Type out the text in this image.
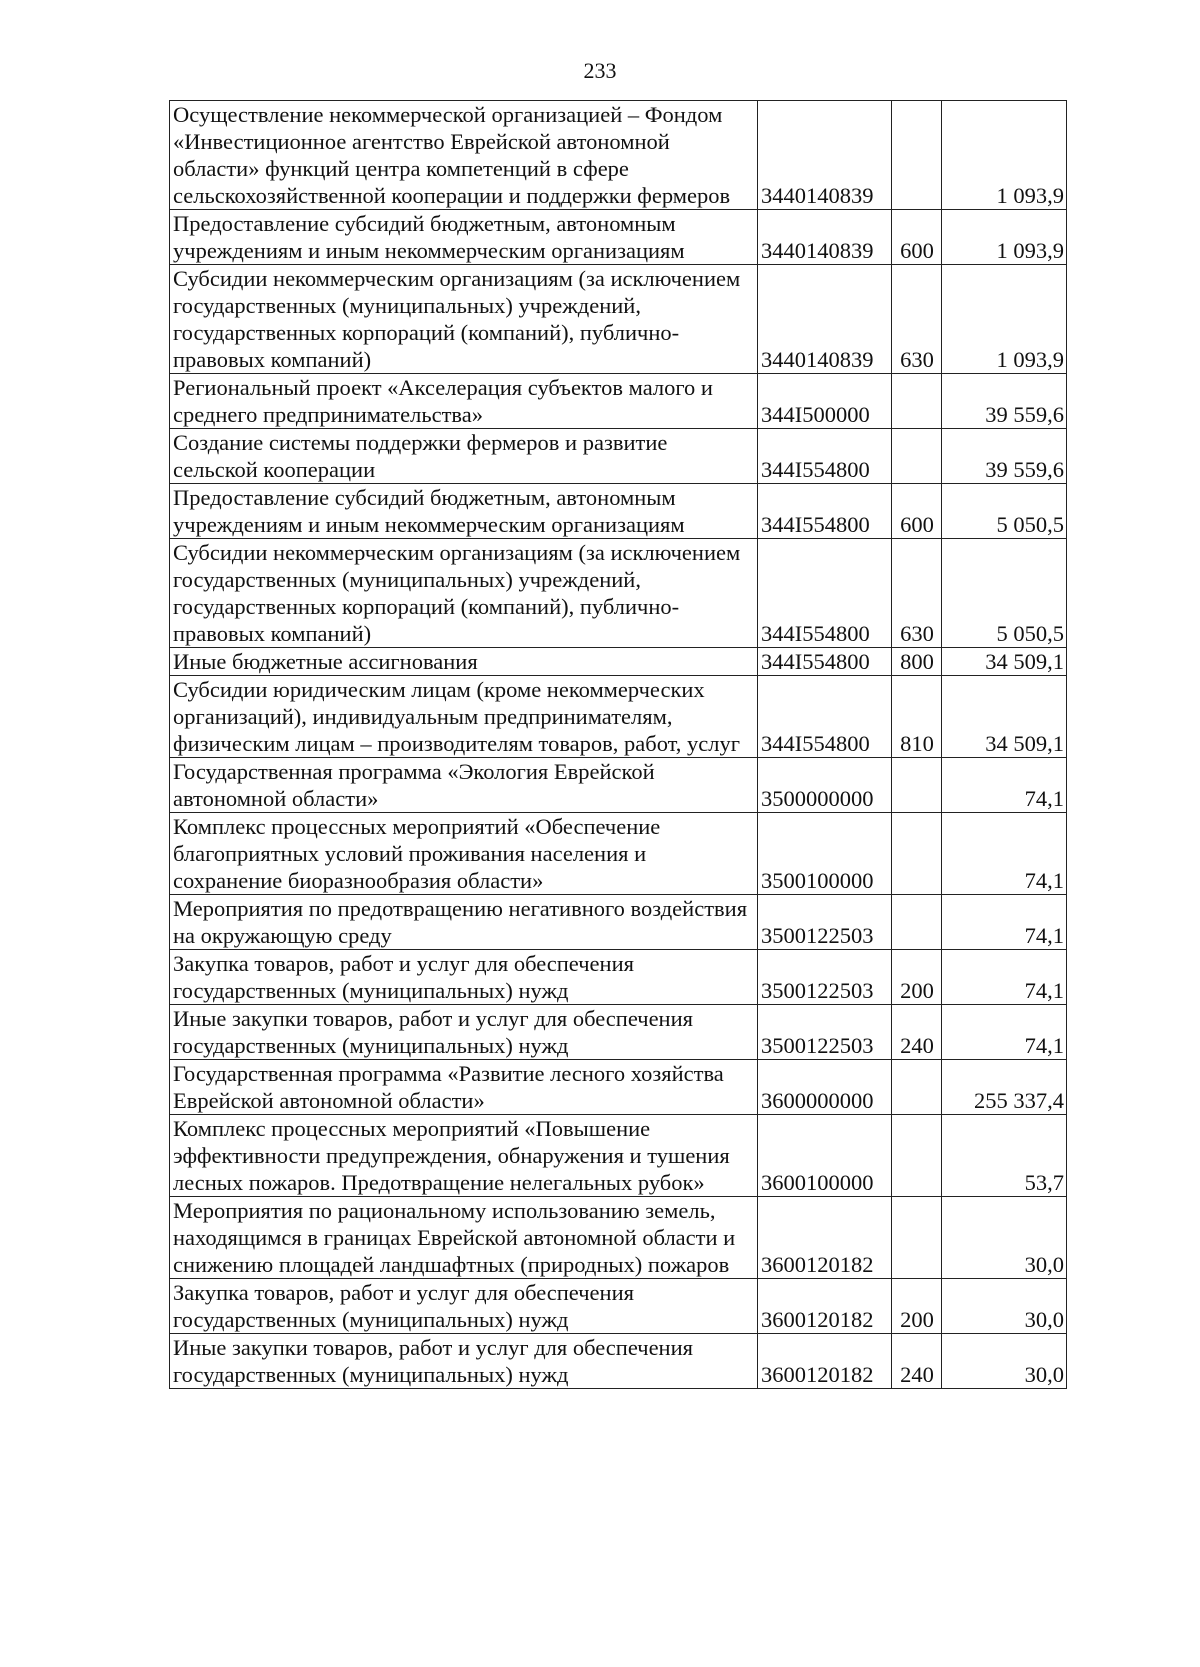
233
Осуществление некоммерческой организацией – Фондом «Инвестиционное агентство Еврейской автономной области» функций центра компетенций в сфере сельскохозяйственной кооперации и поддержки фермеров	3440140839		1 093,9
Предоставление субсидий бюджетным, автономным учреждениям и иным некоммерческим организациям	3440140839	600	1 093,9
Субсидии некоммерческим организациям (за исключением государственных (муниципальных) учреждений, государственных корпораций (компаний), публично-правовых компаний)	3440140839	630	1 093,9
Региональный проект «Акселерация субъектов малого и среднего предпринимательства»	344I500000		39 559,6
Создание системы поддержки фермеров и развитие сельской кооперации	344I554800		39 559,6
Предоставление субсидий бюджетным, автономным учреждениям и иным некоммерческим организациям	344I554800	600	5 050,5
Субсидии некоммерческим организациям (за исключением государственных (муниципальных) учреждений, государственных корпораций (компаний), публично-правовых компаний)	344I554800	630	5 050,5
Иные бюджетные ассигнования	344I554800	800	34 509,1
Субсидии юридическим лицам (кроме некоммерческих организаций), индивидуальным предпринимателям, физическим лицам – производителям товаров, работ, услуг	344I554800	810	34 509,1
Государственная программа «Экология Еврейской автономной области»	3500000000		74,1
Комплекс процессных мероприятий «Обеспечение благоприятных условий проживания населения и сохранение биоразнообразия области»	3500100000		74,1
Мероприятия по предотвращению негативного воздействия на окружающую среду	3500122503		74,1
Закупка товаров, работ и услуг для обеспечения государственных (муниципальных) нужд	3500122503	200	74,1
Иные закупки товаров, работ и услуг для обеспечения государственных (муниципальных) нужд	3500122503	240	74,1
Государственная программа «Развитие лесного хозяйства Еврейской автономной области»	3600000000		255 337,4
Комплекс процессных мероприятий «Повышение эффективности предупреждения, обнаружения и тушения лесных пожаров. Предотвращение нелегальных рубок»	3600100000		53,7
Мероприятия по рациональному использованию земель, находящимся в границах Еврейской автономной области и снижению площадей ландшафтных (природных) пожаров	3600120182		30,0
Закупка товаров, работ и услуг для обеспечения государственных (муниципальных) нужд	3600120182	200	30,0
Иные закупки товаров, работ и услуг для обеспечения государственных (муниципальных) нужд	3600120182	240	30,0
